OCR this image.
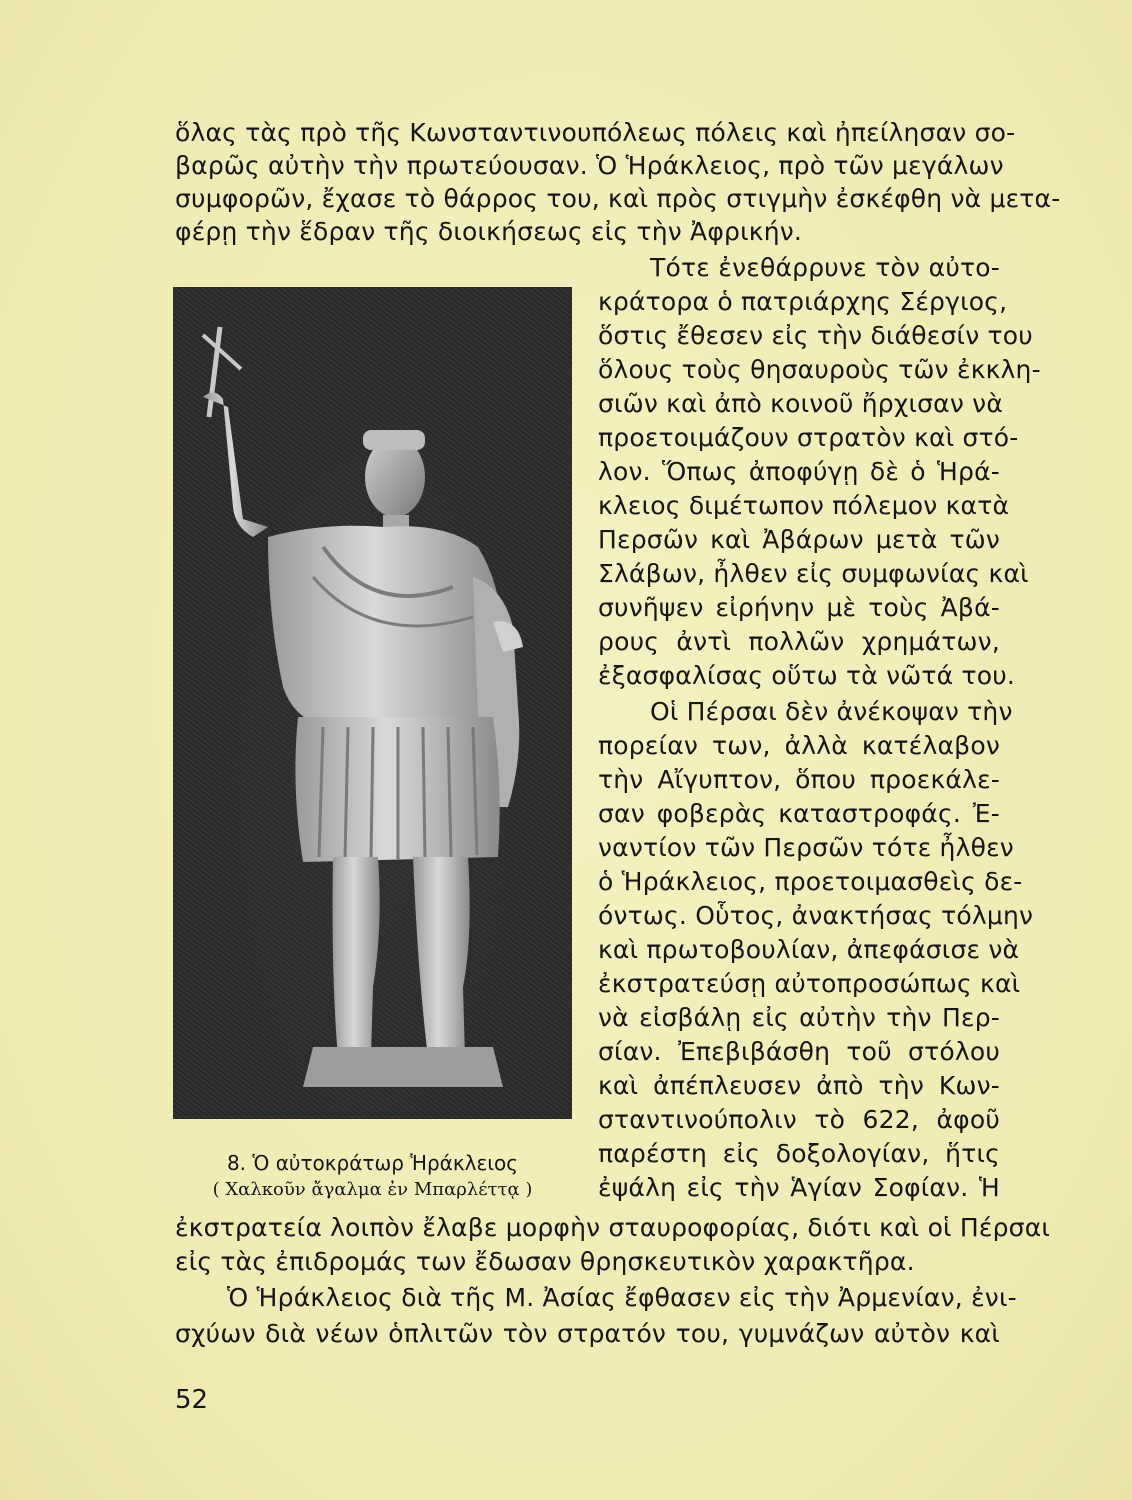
ὅλας τὰς πρὸ τῆς Κωνσταντινουπόλεως πόλεις καὶ ἠπείλησαν σο-
βαρῶς αὐτὴν τὴν πρωτεύουσαν. Ὁ Ἡράκλειος, πρὸ τῶν μεγάλων
συμφορῶν, ἔχασε τὸ θάρρος του, καὶ πρὸς στιγμὴν ἐσκέφθη νὰ μετα-
φέρῃ τὴν ἕδραν τῆς διοικήσεως εἰς τὴν Ἀφρικήν.
Τότε ἐνεθάρρυνε τὸν αὐτο-
κράτορα ὁ πατριάρχης Σέργιος,
ὅστις ἔθεσεν εἰς τὴν διάθεσίν του
ὅλους τοὺς θησαυροὺς τῶν ἐκκλη-
σιῶν καὶ ἀπὸ κοινοῦ ἤρχισαν νὰ
προετοιμάζουν στρατὸν καὶ στό-
λον. Ὅπως ἀποφύγῃ δὲ ὁ Ἡρά-
κλειος διμέτωπον πόλεμον κατὰ
Περσῶν καὶ Ἀβάρων μετὰ τῶν
Σλάβων, ἦλθεν εἰς συμφωνίας καὶ
συνῆψεν εἰρήνην μὲ τοὺς Ἀβά-
ρους ἀντὶ πολλῶν χρημάτων,
ἐξασφαλίσας οὕτω τὰ νῶτά του.
Οἱ Πέρσαι δὲν ἀνέκοψαν τὴν
πορείαν των, ἀλλὰ κατέλαβον
τὴν Αἴγυπτον, ὅπου προεκάλε-
σαν φοβερὰς καταστροφάς. Ἐ-
ναντίον τῶν Περσῶν τότε ἦλθεν
ὁ Ἡράκλειος, προετοιμασθεὶς δε-
όντως. Οὗτος, ἀνακτήσας τόλμην
καὶ πρωτοβουλίαν, ἀπεφάσισε νὰ
ἐκστρατεύσῃ αὐτοπροσώπως καὶ
νὰ εἰσβάλῃ εἰς αὐτὴν τὴν Περ-
σίαν. Ἐπεβιβάσθη τοῦ στόλου
καὶ ἀπέπλευσεν ἀπὸ τὴν Κων-
σταντινούπολιν τὸ 622, ἀφοῦ
παρέστη εἰς δοξολογίαν, ἥτις
ἐψάλη εἰς τὴν Ἁγίαν Σοφίαν. Ἡ
8. Ὁ αὐτοκράτωρ Ἡράκλειος
( Χαλκοῦν ἄγαλμα ἐν Μπαρλέττᾳ )
ἐκστρατεία λοιπὸν ἔλαβε μορφὴν σταυροφορίας, διότι καὶ οἱ Πέρσαι
εἰς τὰς ἐπιδρομάς των ἔδωσαν θρησκευτικὸν χαρακτῆρα.
Ὁ Ἡράκλειος διὰ τῆς Μ. Ἀσίας ἔφθασεν εἰς τὴν Ἀρμενίαν, ἐνι-
σχύων διὰ νέων ὁπλιτῶν τὸν στρατόν του, γυμνάζων αὐτὸν καὶ
52
